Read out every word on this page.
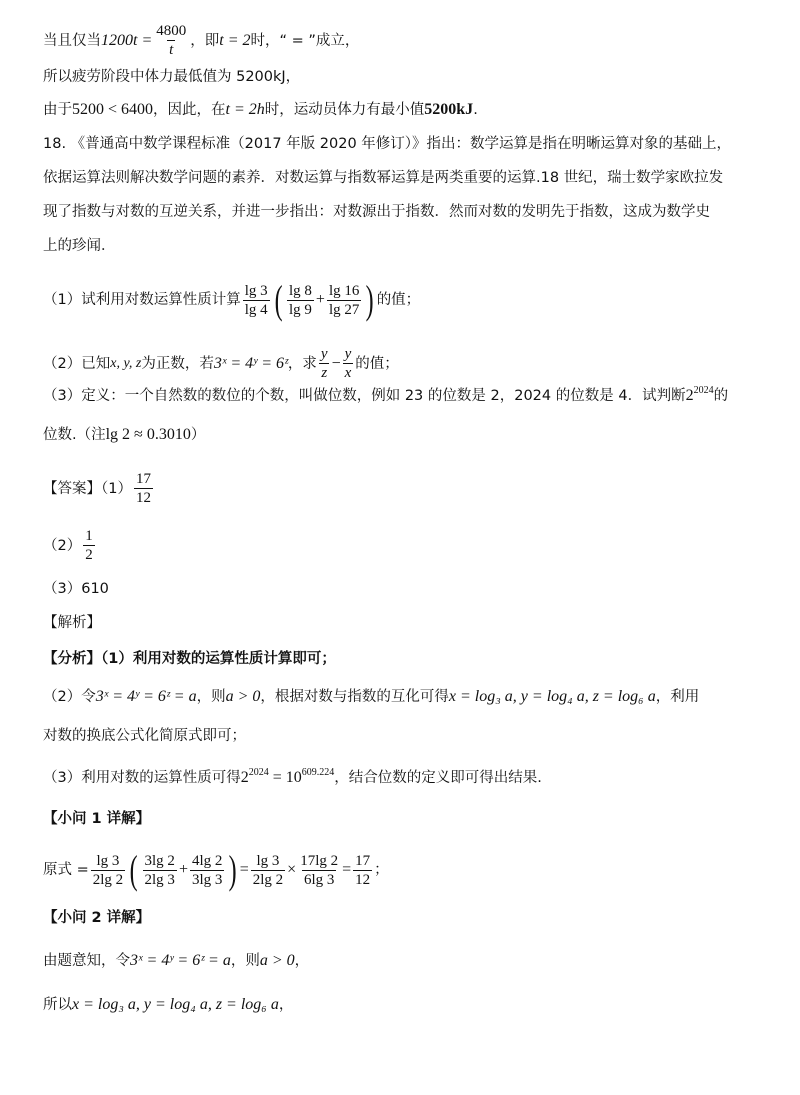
当且仅当 $1200t = \frac{4800}{t}$ ，即 t = 2 时，“ = ”成立，
所以疲劳阶段中体力最低值为 5200kJ，
由于 5200 < 6400 ，因此，在 t = 2h 时，运动员体力有最小值 5200kJ .
18. 《普通高中数学课程标准（2017 年版 2020 年修订）》指出：数学运算是指在明晰运算对象的基础上，
依据运算法则解决数学问题的素养．对数运算与指数幂运算是两类重要的运算.18 世纪，瑞士数学家欧拉发
现了指数与对数的互逆关系，并进一步指出：对数源出于指数．然而对数的发明先于指数，这成为数学史
上的珍闻．
（1）试利用对数运算性质计算 $\frac{\lg 3}{\lg 4}$ ( $\frac{\lg 8}{\lg 9} + \frac{\lg 16}{\lg 27}$ ) 的值；
（2）已知 x, y, z 为正数，若 3ˣ = 4ʸ = 6ᶻ ，求 $\frac{y}{z} - \frac{y}{x}$ 的值；
（3）定义：一个自然数的数位的个数，叫做位数，例如 23 的位数是 2，2024 的位数是 4．试判断 $2^{2024}$ 的
位数.（注 lg 2 ≈ 0.3010 ）
【答案】$(1) \frac{17}{12}$
$(2) \frac{1}{2}$
（3）610
【解析】
【分析】（1）利用对数的运算性质计算即可；
（2）令 3ˣ = 4ʸ = 6ᶻ = a ，则 a > 0 ，根据对数与指数的互化可得 x = log₃ a, y = log₄ a, z = log₆ a ，利用
对数的换底公式化简原式即可；
（3）利用对数的运算性质可得 $2^{2024} = 10^{609.224}$ ，结合位数的定义即可得出结果.
【小问 1 详解】
原式 = $\frac{\lg 3}{2\lg 2}$ ( $\frac{3\lg 2}{2\lg 3} + \frac{4\lg 2}{3\lg 3}$ ) = $\frac{\lg 3}{2\lg 2} \times \frac{17\lg 2}{6\lg 3} = \frac{17}{12}$ ；
【小问 2 详解】
由题意知，令 3ˣ = 4ʸ = 6ᶻ = a ，则 a > 0 ，
所以 x = log₃ a, y = log₄ a, z = log₆ a ，
